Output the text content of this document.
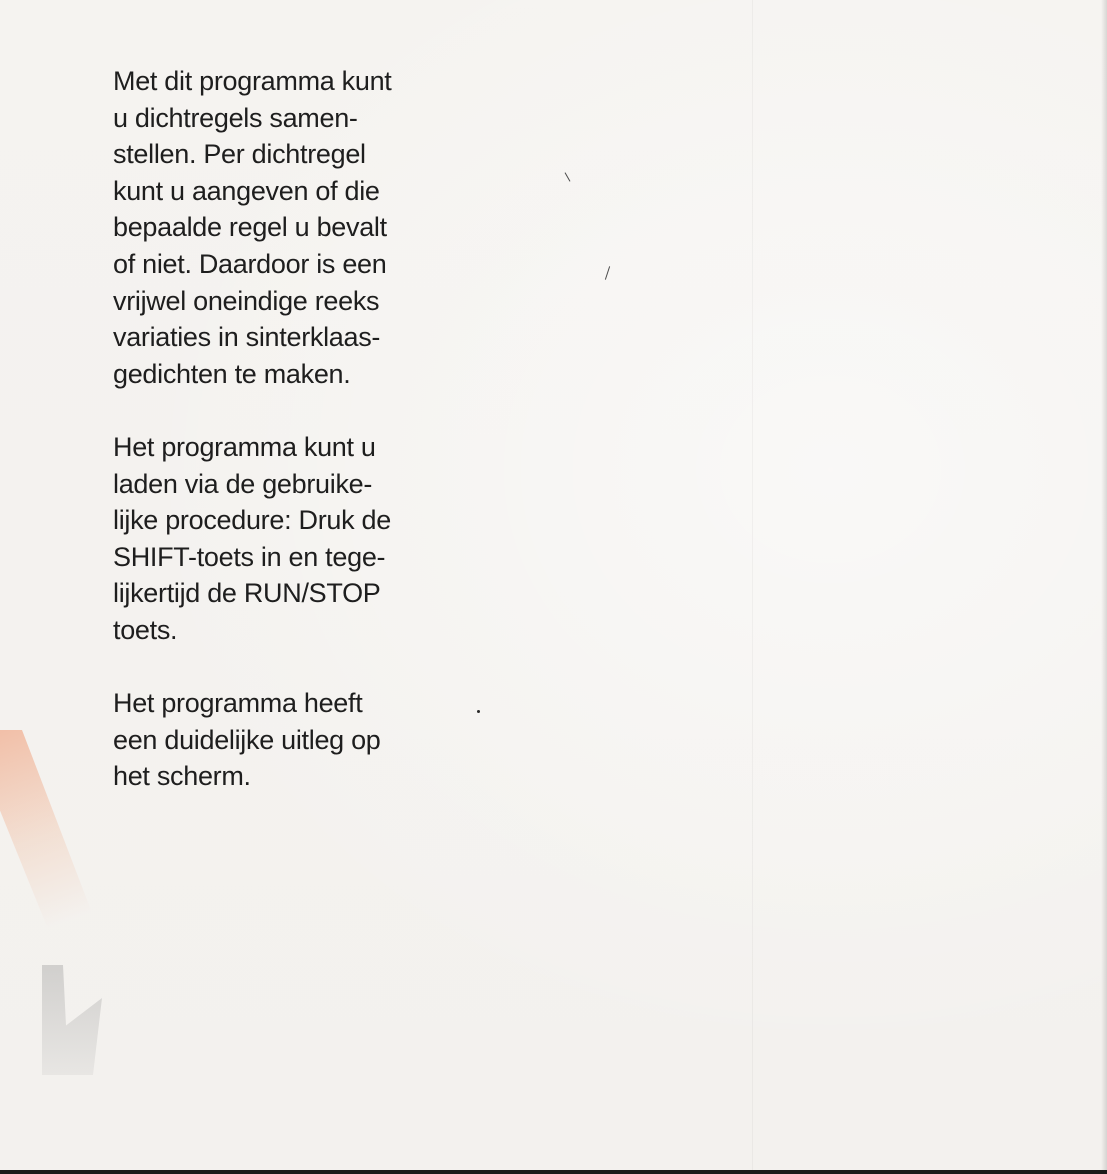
Met dit programma kunt
u dichtregels samen-
stellen. Per dichtregel
kunt u aangeven of die
bepaalde regel u bevalt
of niet. Daardoor is een
vrijwel oneindige reeks
variaties in sinterklaas-
gedichten te maken.

Het programma kunt u
laden via de gebruike-
lijke procedure: Druk de
SHIFT-toets in en tege-
lijkertijd de RUN/STOP
toets.

Het programma heeft
een duidelijke uitleg op
het scherm.
